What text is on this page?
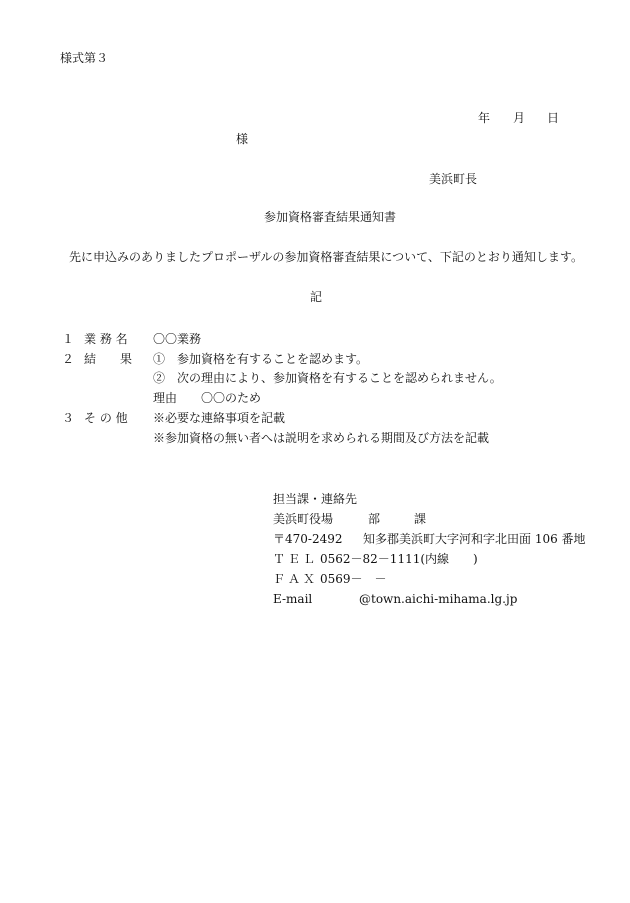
様式第３
年 月 日
様
美浜町長
参加資格審査結果通知書
先に申込みのありましたプロポーザルの参加資格審査結果について、下記のとおり通知します。
記
１ 業 務 名 〇〇業務
２ 結　　果 ①　参加資格を有することを認めます。
②　次の理由により、参加資格を有することを認められません。
理由　　〇〇のため
３ そ の 他 ※必要な連絡事項を記載
※参加資格の無い者へは説明を求められる期間及び方法を記載
担当課・連絡先
美浜町役場	部	課
〒470-2492 知多郡美浜町大字河和字北田面 106 番地
ＴＥＬ 0562－82－1111(内線　　)
ＦＡＸ 0569－　－
E-mail	@town.aichi-mihama.lg.jp
